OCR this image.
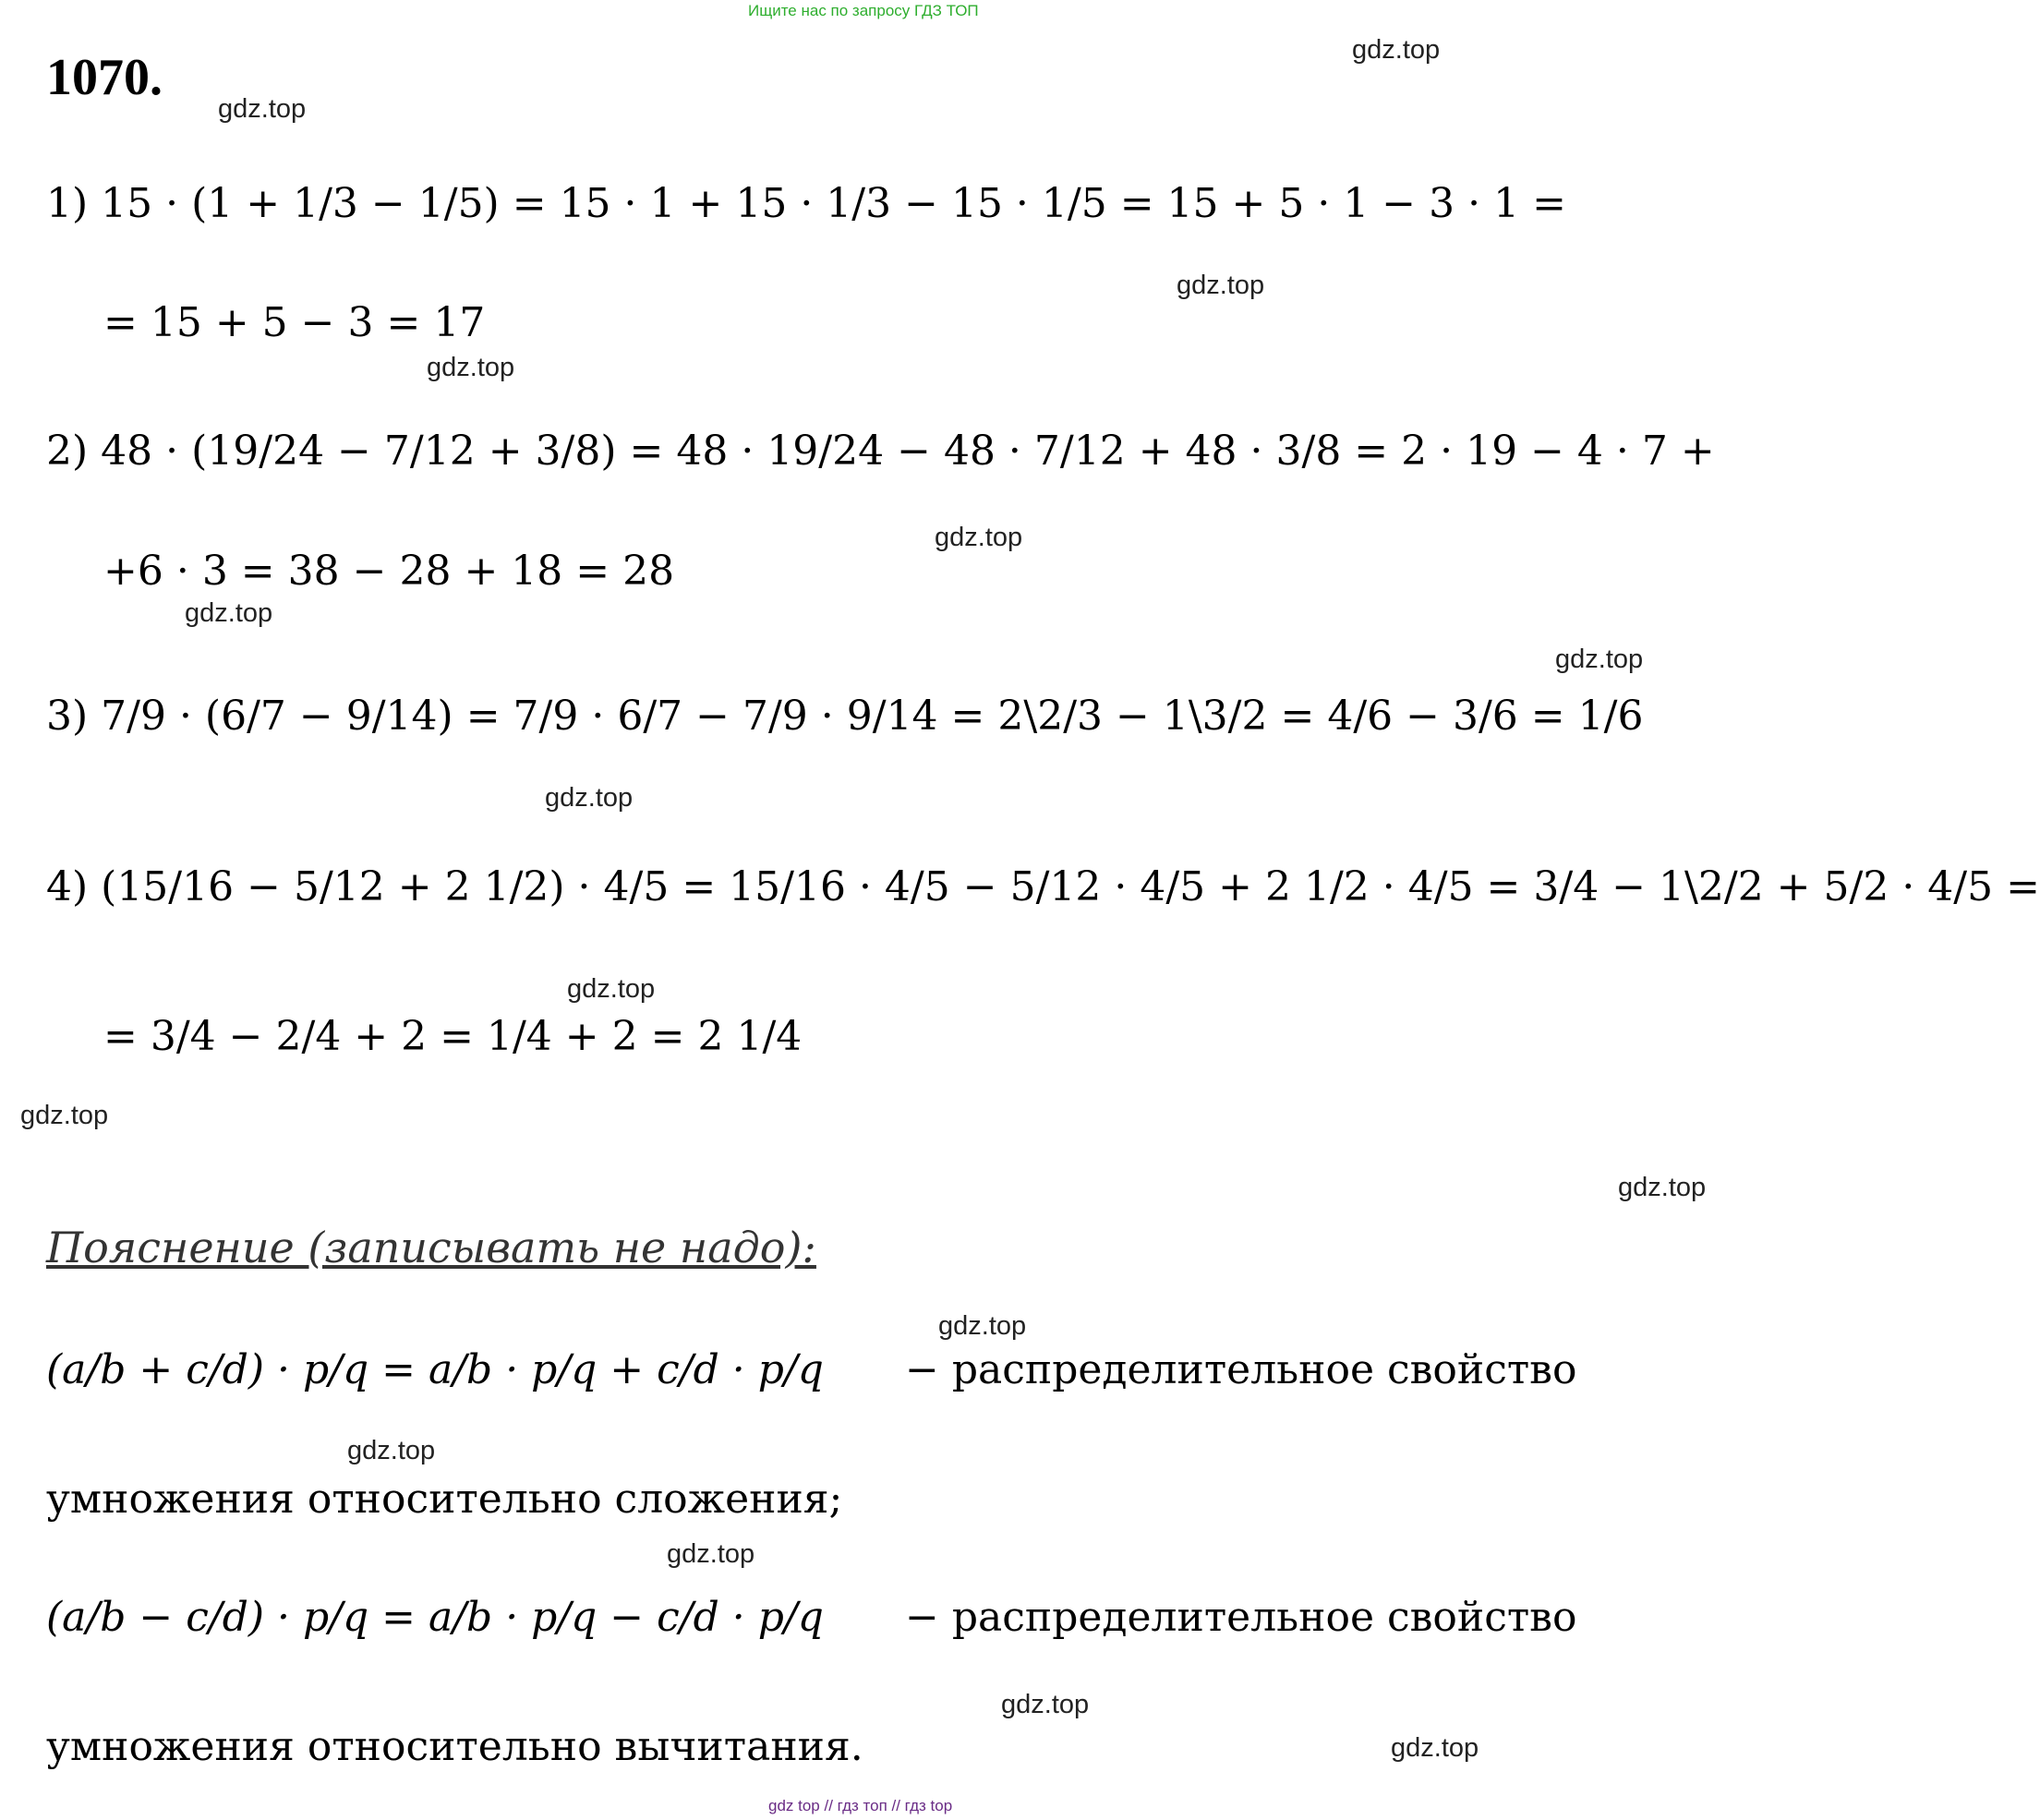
Ищите нас по запросу ГДЗ ТОП
1070.	gdz.top
gdz.top
gdz.top
gdz.top
gdz.top
gdz.top
gdz.top
gdz.top
gdz.top
gdz.top
gdz.top
gdz.top
gdz.top
gdz.top
gdz.top
gdz.top
1) 15 · (1 + 1/3 − 1/5) = 15 · 1 + 15 · 1/3 − 15 · 1/5 = 15 + 5 · 1 − 3 · 1 =
= 15 + 5 − 3 = 17
2) 48 · (19/24 − 7/12 + 3/8) = 48 · 19/24 − 48 · 7/12 + 48 · 3/8 = 2 · 19 − 4 · 7 +
+6 · 3 = 38 − 28 + 18 = 28
3) 7/9 · (6/7 − 9/14) = 7/9 · 6/7 − 7/9 · 9/14 = 2\2/3 − 1\3/2 = 4/6 − 3/6 = 1/6
4) (15/16 − 5/12 + 2 1/2) · 4/5 = 15/16 · 4/5 − 5/12 · 4/5 + 2 1/2 · 4/5 = 3/4 − 1\2/2 + 5/2 · 4/5 =
= 3/4 − 2/4 + 2 = 1/4 + 2 = 2 1/4
Пояснение (записывать не надо):
(a/b + c/d) · p/q = a/b · p/q + c/d · p/q − распределительное свойство
умножения относительно сложения;
(a/b − c/d) · p/q = a/b · p/q − c/d · p/q − распределительное свойство
умножения относительно вычитания.
gdz top // гдз топ // гдз top
